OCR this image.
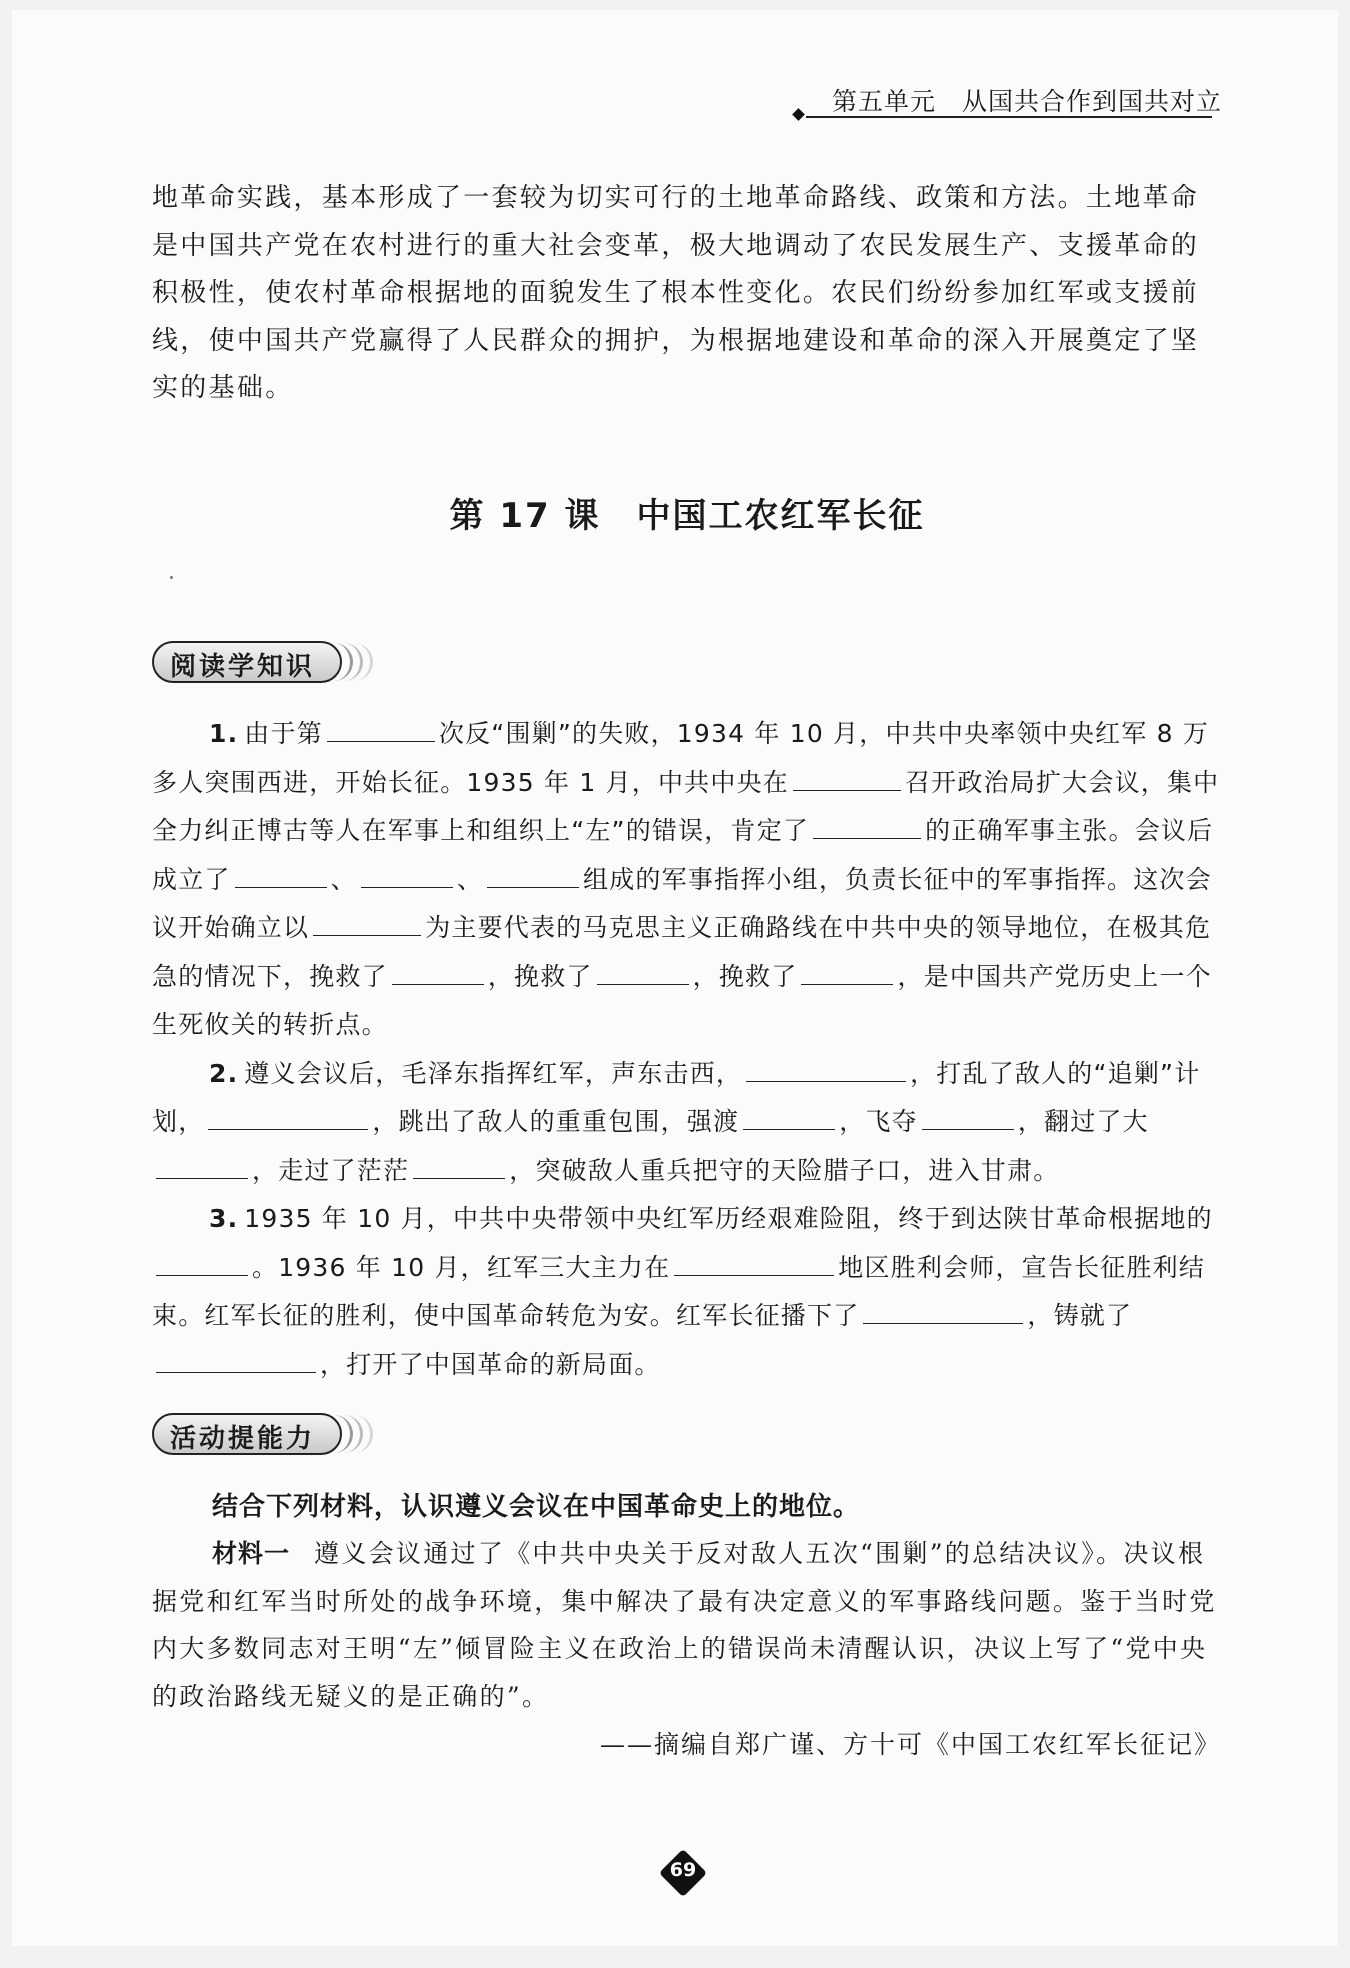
第五单元　从国共合作到国共对立
地革命实践，基本形成了一套较为切实可行的土地革命路线、政策和方法。土地革命是中国共产党在农村进行的重大社会变革，极大地调动了农民发展生产、支援革命的积极性，使农村革命根据地的面貌发生了根本性变化。农民们纷纷参加红军或支援前线，使中国共产党赢得了人民群众的拥护，为根据地建设和革命的深入开展奠定了坚实的基础。
第 17 课　中国工农红军长征
阅读学知识

1. 由于第	次反“围剿”的失败，1934 年 10 月，中共中央率领中央红军 8 万多人突围西进，开始长征。1935 年 1 月，中共中央在	召开政治局扩大会议，集中全力纠正博古等人在军事上和组织上“左”的错误，肯定了	的正确军事主张。会议后成立了	、	、	组成的军事指挥小组，负责长征中的军事指挥。这次会议开始确立以	为主要代表的马克思主义正确路线在中共中央的领导地位，在极其危急的情况下，挽救了	，挽救了	，挽救了	，是中国共产党历史上一个生死攸关的转折点。

2. 遵义会议后，毛泽东指挥红军，声东击西，	，打乱了敌人的“追剿”计划，	，跳出了敌人的重重包围，强渡	，飞夺	，翻过了大，走过了茫茫	，突破敌人重兵把守的天险腊子口，进入甘肃。

3. 1935 年 10 月，中共中央带领中央红军历经艰难险阻，终于到达陕甘革命根据地的。1936 年 10 月，红军三大主力在	地区胜利会师，宣告长征胜利结束。红军长征的胜利，使中国革命转危为安。红军长征播下了	，铸就了，打开了中国革命的新局面。

活动提能力
结合下列材料，认识遵义会议在中国革命史上的地位。
材料一 遵义会议通过了《中共中央关于反对敌人五次“围剿”的总结决议》。决议根据党和红军当时所处的战争环境，集中解决了最有决定意义的军事路线问题。鉴于当时党内大多数同志对王明“左”倾冒险主义在政治上的错误尚未清醒认识，决议上写了“党中央的政治路线无疑义的是正确的”。
——摘编自郑广谨、方十可《中国工农红军长征记》
69
